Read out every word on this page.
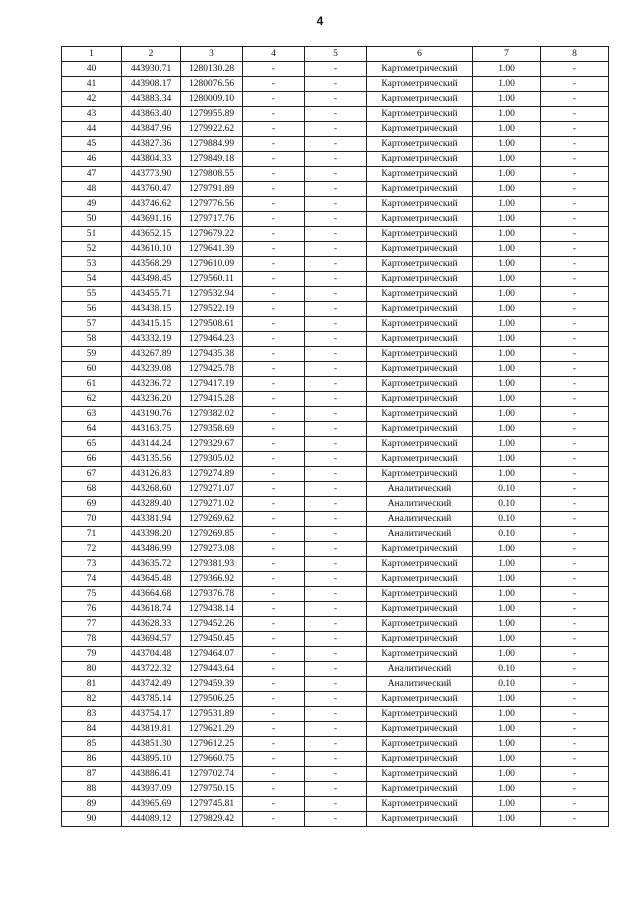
4
1	2	3	4	5	6	7	8
40	443930.71	1280130.28	-	-	Картометрический	1.00	-
41	443908.17	1280076.56	-	-	Картометрический	1.00	-
42	443883.34	1280009.10	-	-	Картометрический	1.00	-
43	443863.40	1279955.89	-	-	Картометрический	1.00	-
44	443847.96	1279922.62	-	-	Картометрический	1.00	-
45	443827.36	1279884.99	-	-	Картометрический	1.00	-
46	443804.33	1279849.18	-	-	Картометрический	1.00	-
47	443773.90	1279808.55	-	-	Картометрический	1.00	-
48	443760.47	1279791.89	-	-	Картометрический	1.00	-
49	443746.62	1279776.56	-	-	Картометрический	1.00	-
50	443691.16	1279717.76	-	-	Картометрический	1.00	-
51	443652.15	1279679.22	-	-	Картометрический	1.00	-
52	443610.10	1279641.39	-	-	Картометрический	1.00	-
53	443568.29	1279610.09	-	-	Картометрический	1.00	-
54	443498.45	1279560.11	-	-	Картометрический	1.00	-
55	443455.71	1279532.94	-	-	Картометрический	1.00	-
56	443438.15	1279522.19	-	-	Картометрический	1.00	-
57	443415.15	1279508.61	-	-	Картометрический	1.00	-
58	443332.19	1279464.23	-	-	Картометрический	1.00	-
59	443267.89	1279435.38	-	-	Картометрический	1.00	-
60	443239.08	1279425.78	-	-	Картометрический	1.00	-
61	443236.72	1279417.19	-	-	Картометрический	1.00	-
62	443236.20	1279415.28	-	-	Картометрический	1.00	-
63	443190.76	1279382.02	-	-	Картометрический	1.00	-
64	443163.75	1279358.69	-	-	Картометрический	1.00	-
65	443144.24	1279329.67	-	-	Картометрический	1.00	-
66	443135.56	1279305.02	-	-	Картометрический	1.00	-
67	443126.83	1279274.89	-	-	Картометрический	1.00	-
68	443268.60	1279271.07	-	-	Аналитический	0.10	-
69	443289.40	1279271.02	-	-	Аналитический	0.10	-
70	443381.94	1279269.62	-	-	Аналитический	0.10	-
71	443398.20	1279269.85	-	-	Аналитический	0.10	-
72	443486.99	1279273.08	-	-	Картометрический	1.00	-
73	443635.72	1279381.93	-	-	Картометрический	1.00	-
74	443645.48	1279366.92	-	-	Картометрический	1.00	-
75	443664.68	1279376.78	-	-	Картометрический	1.00	-
76	443618.74	1279438.14	-	-	Картометрический	1.00	-
77	443628.33	1279452.26	-	-	Картометрический	1.00	-
78	443694.57	1279450.45	-	-	Картометрический	1.00	-
79	443704.48	1279464.07	-	-	Картометрический	1.00	-
80	443722.32	1279443.64	-	-	Аналитический	0.10	-
81	443742.49	1279459.39	-	-	Аналитический	0.10	-
82	443785.14	1279506.25	-	-	Картометрический	1.00	-
83	443754.17	1279531.89	-	-	Картометрический	1.00	-
84	443819.81	1279621.29	-	-	Картометрический	1.00	-
85	443851.30	1279612.25	-	-	Картометрический	1.00	-
86	443895.10	1279660.75	-	-	Картометрический	1.00	-
87	443886.41	1279702.74	-	-	Картометрический	1.00	-
88	443937.09	1279750.15	-	-	Картометрический	1.00	-
89	443965.69	1279745.81	-	-	Картометрический	1.00	-
90	444089.12	1279829.42	-	-	Картометрический	1.00	-
